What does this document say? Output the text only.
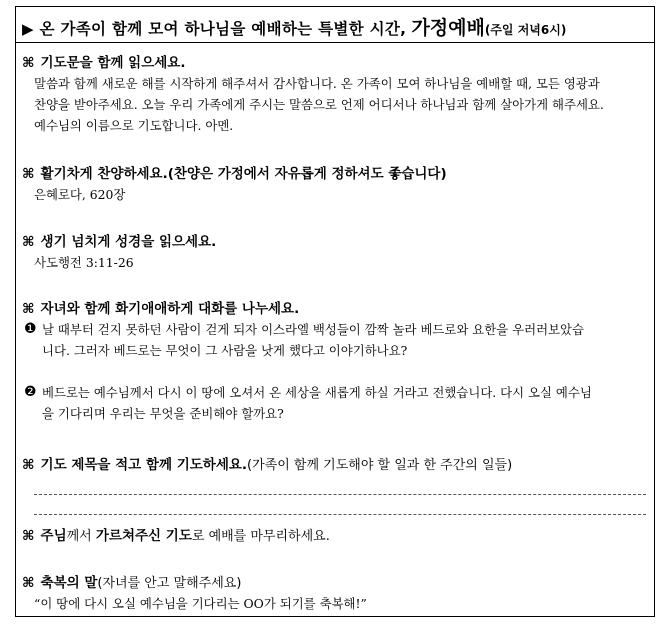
▶ 온 가족이 함께 모여 하나님을 예배하는 특별한 시간, 가정예배(주일 저녁6시)
⌘ 기도문을 함께 읽으세요.
말씀과 함께 새로운 해를 시작하게 해주셔서 감사합니다. 온 가족이 모여 하나님을 예배할 때, 모든 영광과
찬양을 받아주세요. 오늘 우리 가족에게 주시는 말씀으로 언제 어디서나 하나님과 함께 살아가게 해주세요.
예수님의 이름으로 기도합니다. 아멘.
⌘ 활기차게 찬양하세요.(찬양은 가정에서 자유롭게 정하셔도 좋습니다)
은혜로다, 620장
⌘ 생기 넘치게 성경을 읽으세요.
사도행전 3:11-26
⌘ 자녀와 함께 화기애애하게 대화를 나누세요.
❶ 날 때부터 걷지 못하던 사람이 걷게 되자 이스라엘 백성들이 깜짝 놀라 베드로와 요한을 우러러보았습
니다. 그러자 베드로는 무엇이 그 사람을 낫게 했다고 이야기하나요?
❷ 베드로는 예수님께서 다시 이 땅에 오셔서 온 세상을 새롭게 하실 거라고 전했습니다. 다시 오실 예수님
을 기다리며 우리는 무엇을 준비해야 할까요?
⌘ 기도 제목을 적고 함께 기도하세요.(가족이 함께 기도해야 할 일과 한 주간의 일들)
⌘ 주님께서 가르쳐주신 기도로 예배를 마무리하세요.
⌘ 축복의 말(자녀를 안고 말해주세요)
“이 땅에 다시 오실 예수님을 기다리는 OO가 되기를 축복해!”
